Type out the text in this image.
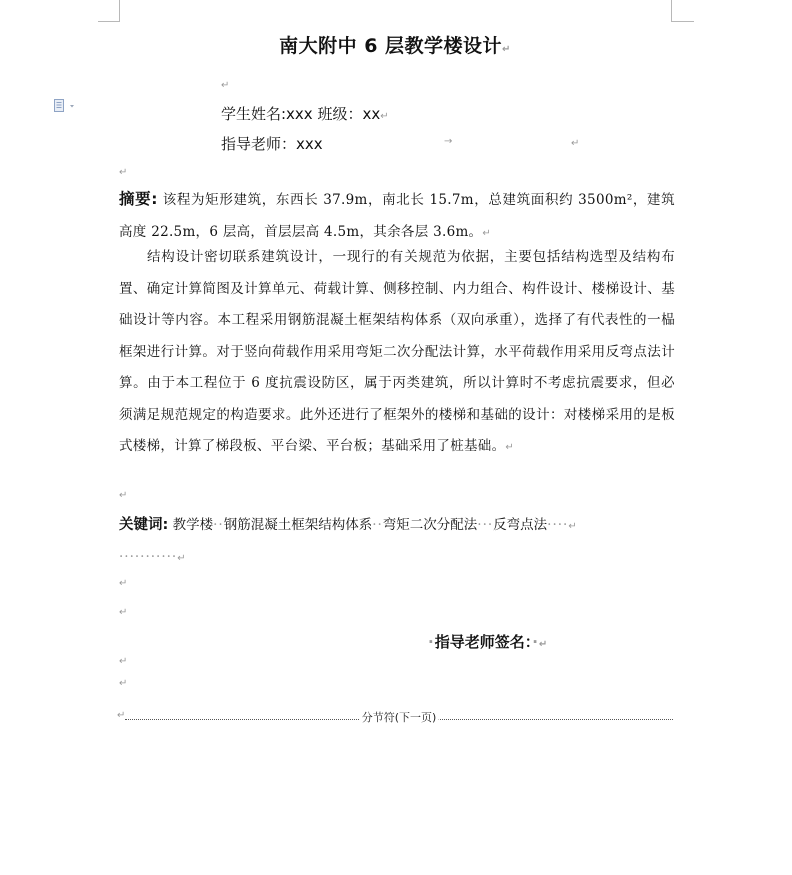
南大附中 6 层教学楼设计↵
↵
学生姓名:xxx 班级：xx↵
指导老师：xxx	→	↵
↵
摘要: 该程为矩形建筑，东西长 37.9m，南北长 15.7m，总建筑面积约 3500m²，建筑高度 22.5m，6 层高，首层层高 4.5m，其余各层 3.6m。↵
结构设计密切联系建筑设计，一现行的有关规范为依据，主要包括结构选型及结构布置、确定计算简图及计算单元、荷载计算、侧移控制、内力组合、构件设计、楼梯设计、基础设计等内容。本工程采用钢筋混凝土框架结构体系（双向承重），选择了有代表性的一榀框架进行计算。对于竖向荷载作用采用弯矩二次分配法计算，水平荷载作用采用反弯点法计算。由于本工程位于 6 度抗震设防区，属于丙类建筑，所以计算时不考虑抗震要求，但必须满足规范规定的构造要求。此外还进行了框架外的楼梯和基础的设计：对楼梯采用的是板式楼梯，计算了梯段板、平台梁、平台板；基础采用了桩基础。↵
↵
关键词: 教学楼··钢筋混凝土框架结构体系··弯矩二次分配法···反弯点法····↵
···········↵
↵
↵
·指导老师签名：·↵
↵
↵
↵	分节符(下一页)
